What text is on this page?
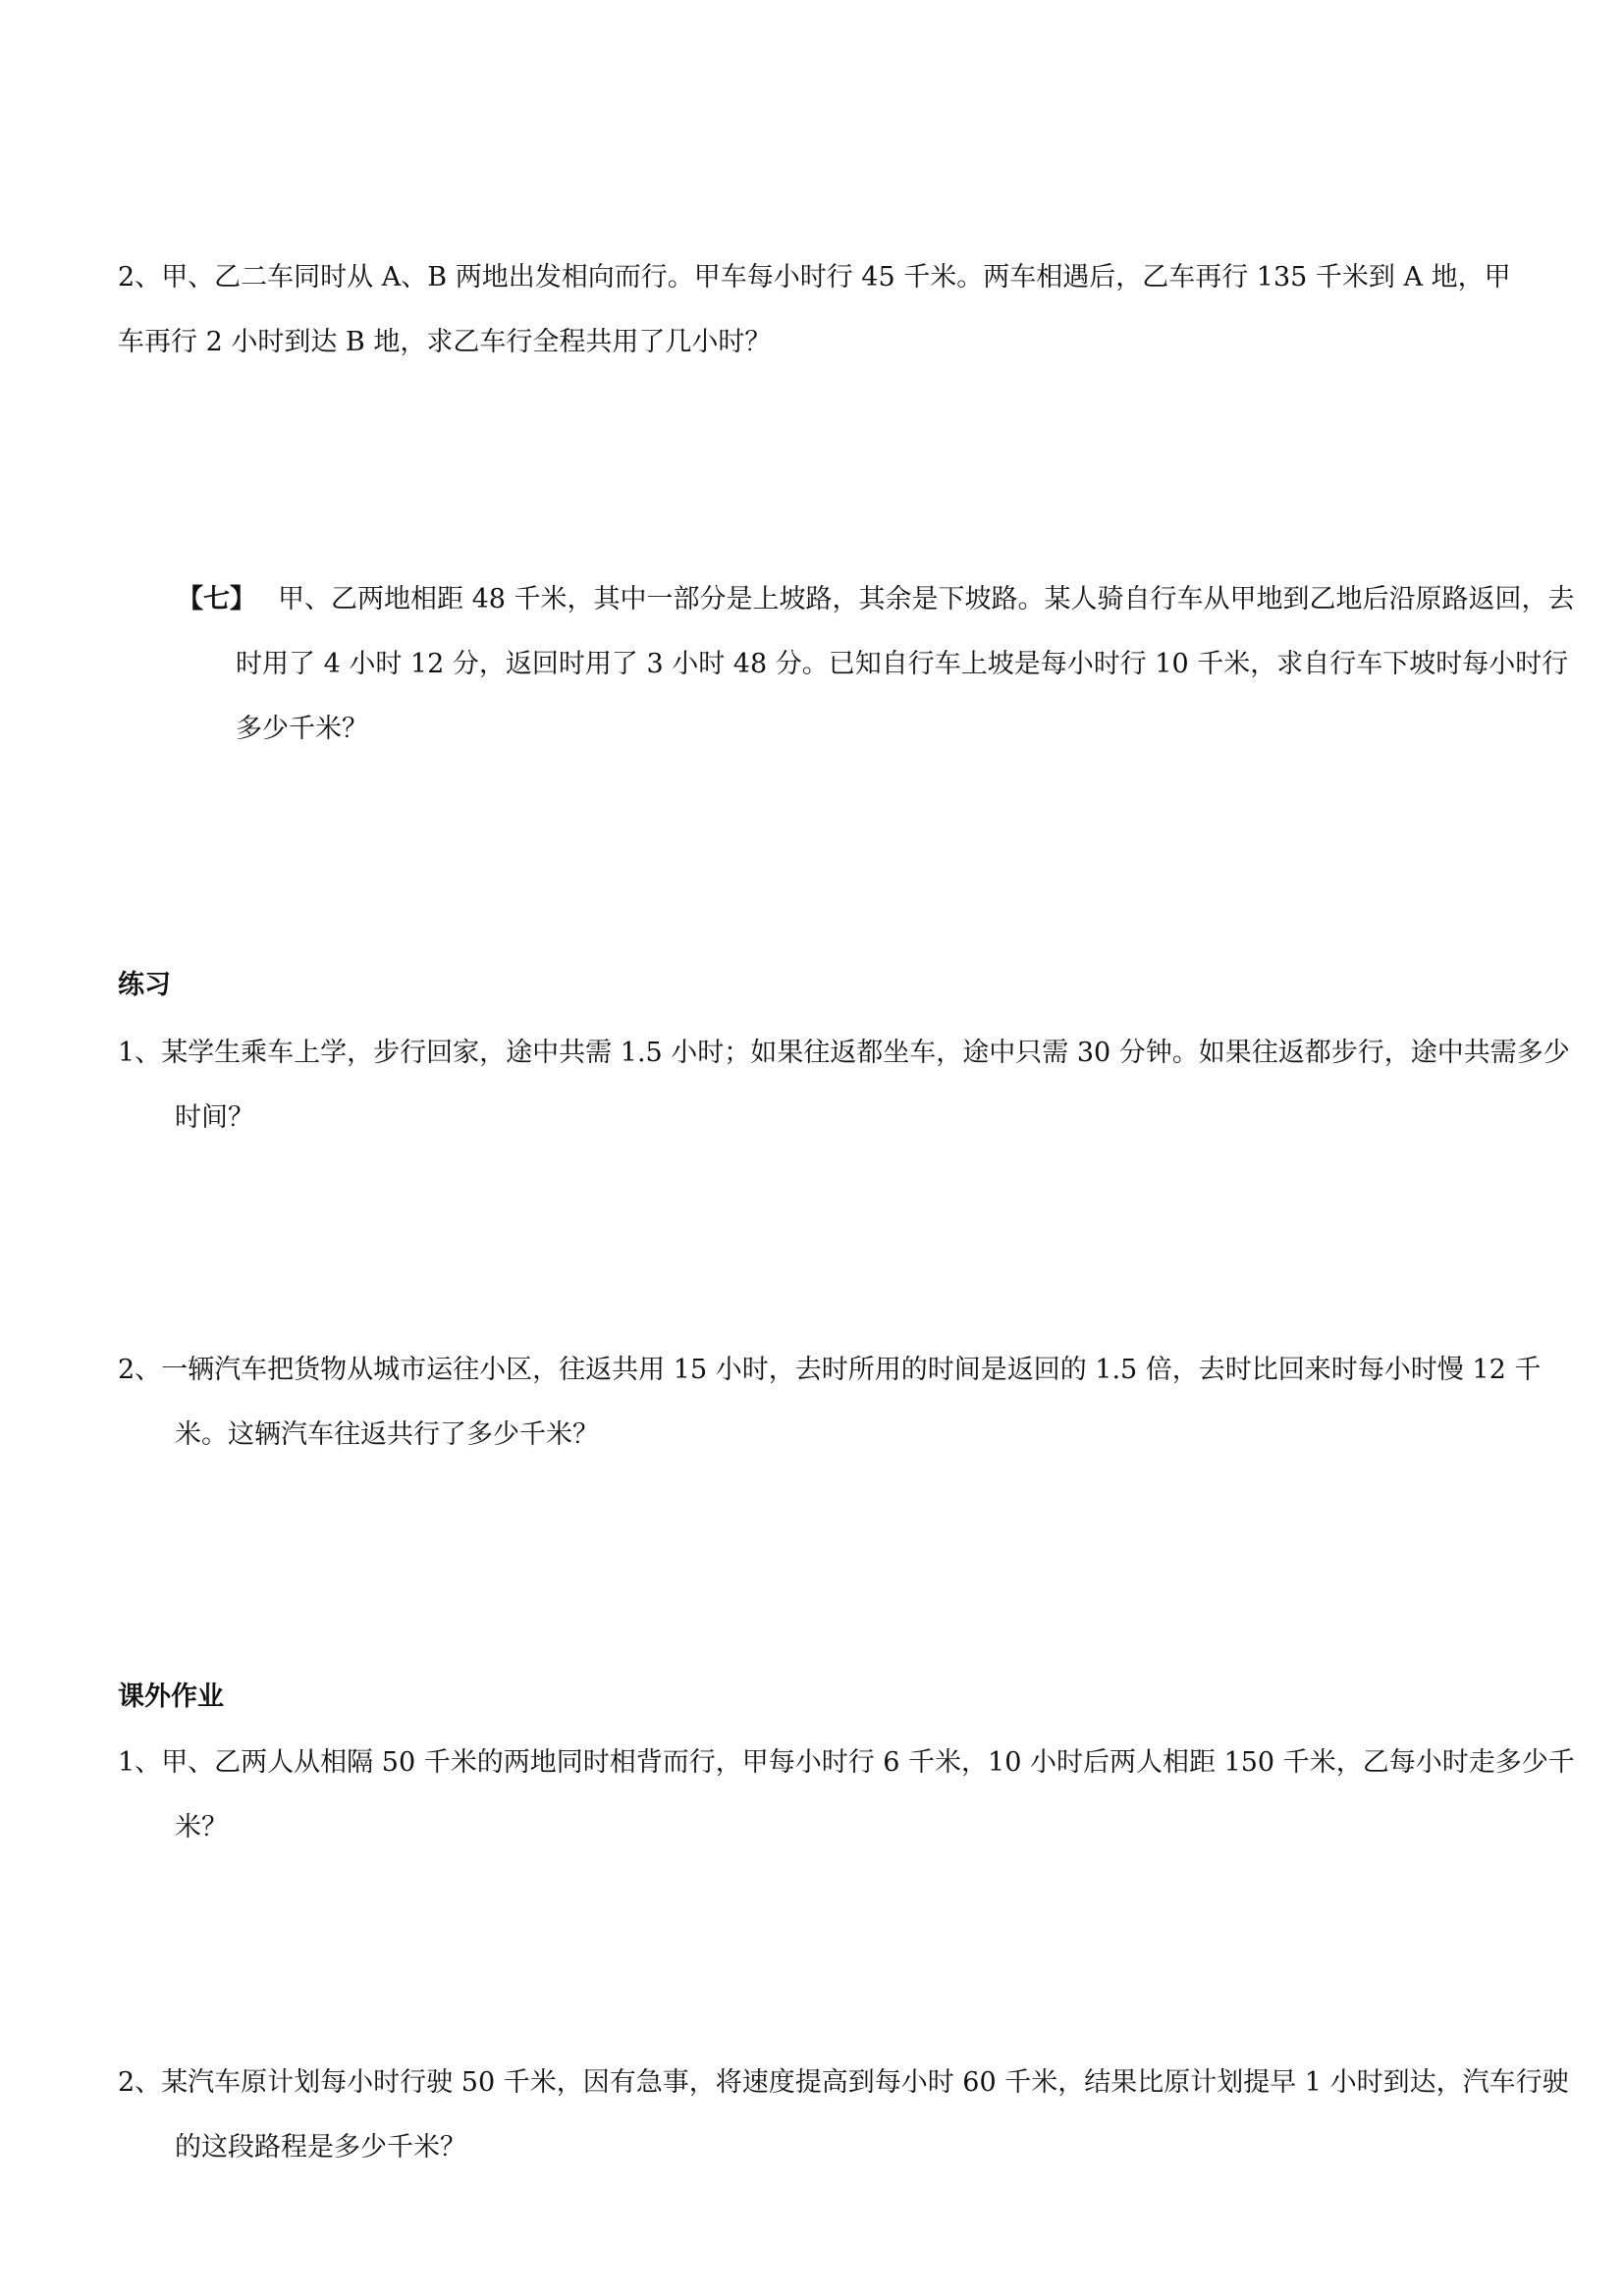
2、甲、乙二车同时从 A、B 两地出发相向而行。甲车每小时行 45 千米。两车相遇后，乙车再行 135 千米到 A 地，甲车再行 2 小时到达 B 地，求乙车行全程共用了几小时？
【七】 甲、乙两地相距 48 千米，其中一部分是上坡路，其余是下坡路。某人骑自行车从甲地到乙地后沿原路返回，去时用了 4 小时 12 分，返回时用了 3 小时 48 分。已知自行车上坡是每小时行 10 千米，求自行车下坡时每小时行多少千米？
练习
1、某学生乘车上学，步行回家，途中共需 1.5 小时；如果往返都坐车，途中只需 30 分钟。如果往返都步行，途中共需多少时间？
2、一辆汽车把货物从城市运往小区，往返共用 15 小时，去时所用的时间是返回的 1.5 倍，去时比回来时每小时慢 12 千米。这辆汽车往返共行了多少千米？
课外作业
1、甲、乙两人从相隔 50 千米的两地同时相背而行，甲每小时行 6 千米，10 小时后两人相距 150 千米，乙每小时走多少千米？
2、某汽车原计划每小时行驶 50 千米，因有急事，将速度提高到每小时 60 千米，结果比原计划提早 1 小时到达，汽车行驶的这段路程是多少千米？
